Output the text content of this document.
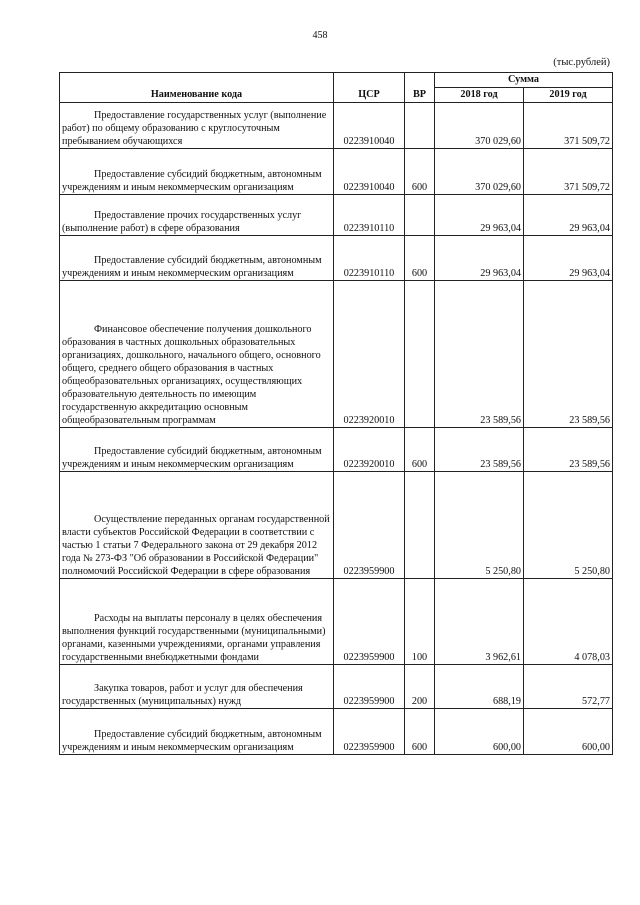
458
(тыс.рублей)
Наименование кода	ЦСР	ВР	Сумма	
			2018 год	2019 год

Предоставление государственных услуг (выполнение работ) по общему образованию с круглосуточным пребыванием обучающихся	0223910040		370 029,60	371 509,72

Предоставление субсидий бюджетным, автономным учреждениям и иным некоммерческим организациям	0223910040	600	370 029,60	371 509,72

Предоставление прочих государственных услуг (выполнение работ) в сфере образования	0223910110		29 963,04	29 963,04

Предоставление субсидий бюджетным, автономным учреждениям и иным некоммерческим организациям	0223910110	600	29 963,04	29 963,04

Финансовое обеспечение получения дошкольного образования в частных дошкольных образовательных организациях, дошкольного, начального общего, основного общего, среднего общего образования в частных общеобразовательных организациях, осуществляющих образовательную деятельность по имеющим государственную аккредитацию основным общеобразовательным программам	0223920010		23 589,56	23 589,56

Предоставление субсидий бюджетным, автономным учреждениям и иным некоммерческим организациям	0223920010	600	23 589,56	23 589,56

Осуществление переданных органам государственной власти субъектов Российской Федерации в соответствии с частью 1 статьи 7 Федерального закона от 29 декабря 2012 года № 273-ФЗ "Об образовании в Российской Федерации" полномочий Российской Федерации в сфере образования	0223959900		5 250,80	5 250,80

Расходы на выплаты персоналу в целях обеспечения выполнения функций государственными (муниципальными) органами, казенными учреждениями, органами управления государственными внебюджетными фондами	0223959900	100	3 962,61	4 078,03

Закупка товаров, работ и услуг для обеспечения государственных (муниципальных) нужд	0223959900	200	688,19	572,77

Предоставление субсидий бюджетным, автономным учреждениям и иным некоммерческим организациям	0223959900	600	600,00	600,00
